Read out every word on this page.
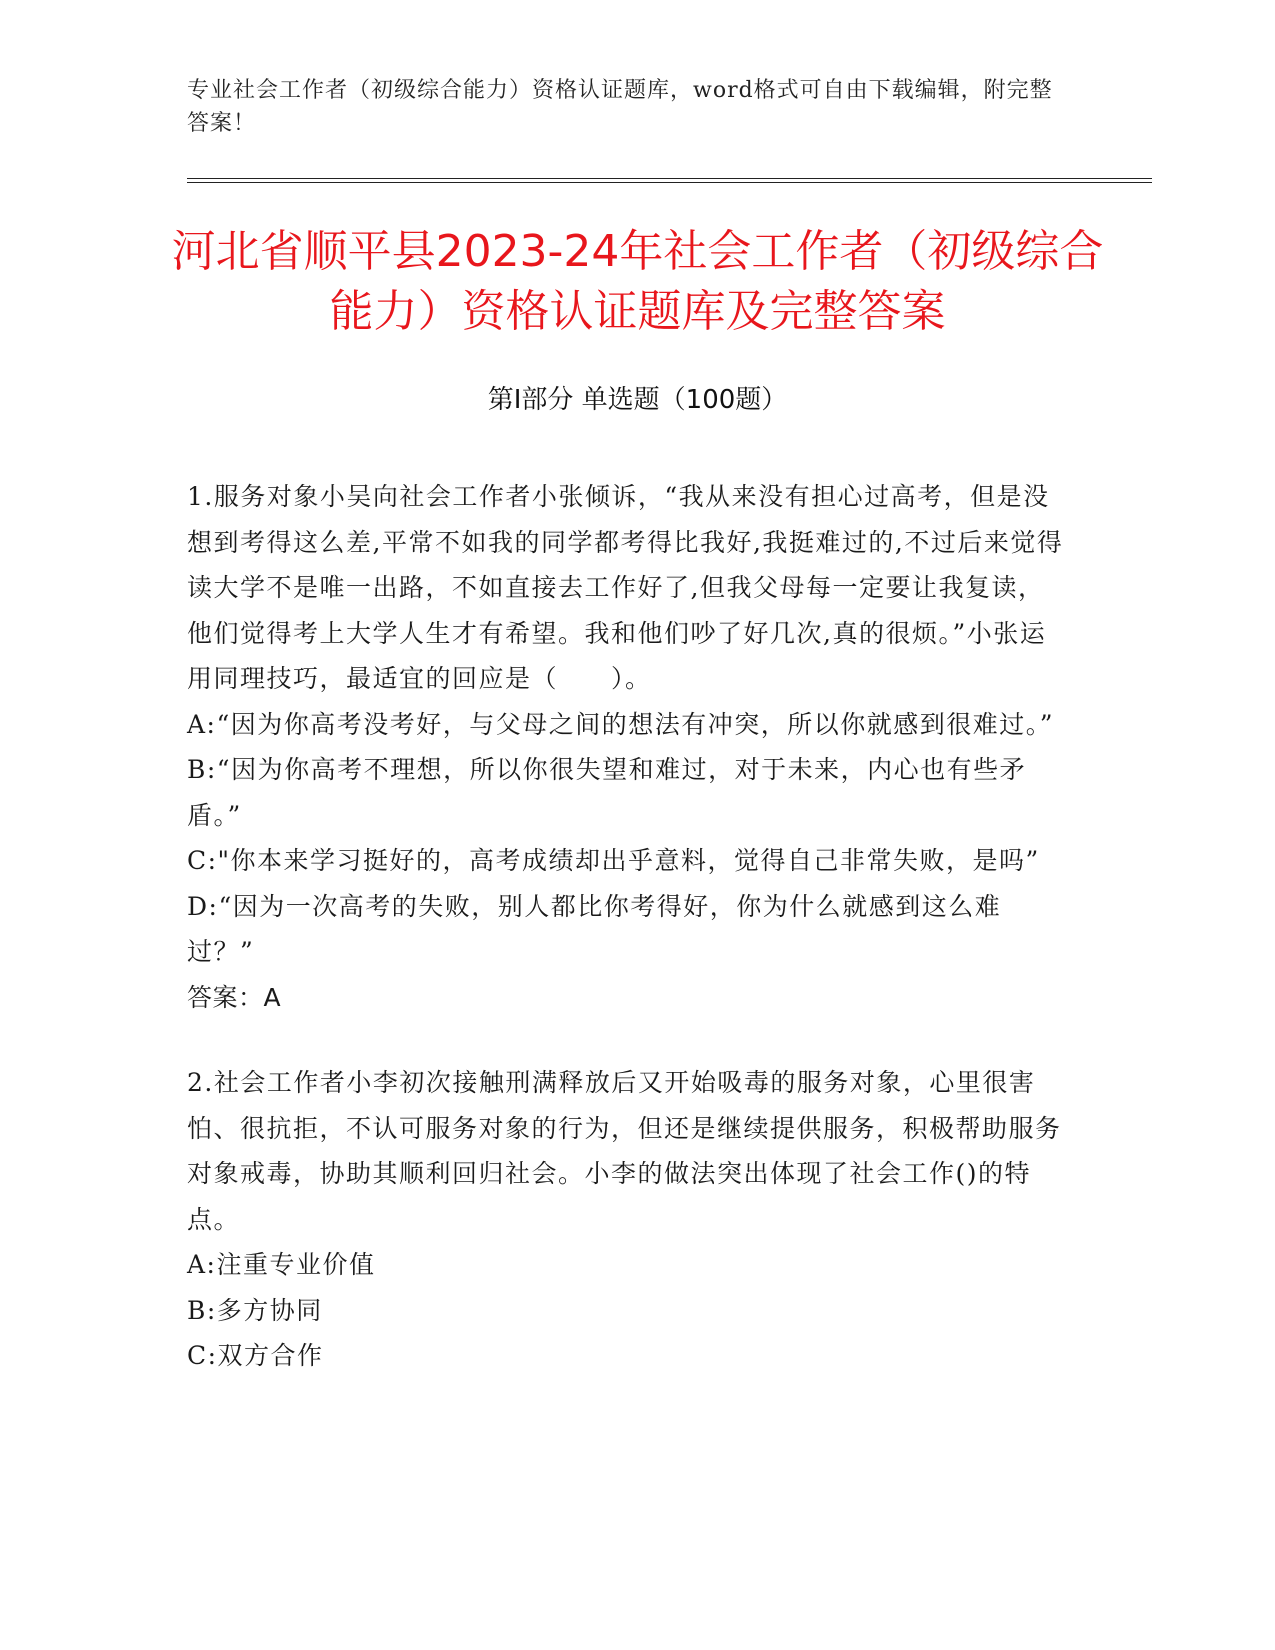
专业社会工作者（初级综合能力）资格认证题库，word格式可自由下载编辑，附完整答案！
河北省顺平县2023-24年社会工作者（初级综合能力）资格认证题库及完整答案
第Ⅰ部分 单选题（100题）

1.服务对象小吴向社会工作者小张倾诉，“我从来没有担心过高考，但是没想到考得这么差,平常不如我的同学都考得比我好,我挺难过的,不过后来觉得读大学不是唯一出路，不如直接去工作好了,但我父母每一定要让我复读，他们觉得考上大学人生才有希望。我和他们吵了好几次,真的很烦。”小张运用同理技巧，最适宜的回应是（　　）。

A:“因为你高考没考好，与父母之间的想法有冲突，所以你就感到很难过。”

B:“因为你高考不理想，所以你很失望和难过，对于未来，内心也有些矛盾。”

C:"你本来学习挺好的，高考成绩却出乎意料，觉得自己非常失败，是吗”

D:“因为一次高考的失败，别人都比你考得好，你为什么就感到这么难过？”

答案：A

2.社会工作者小李初次接触刑满释放后又开始吸毒的服务对象，心里很害怕、很抗拒，不认可服务对象的行为，但还是继续提供服务，积极帮助服务对象戒毒，协助其顺利回归社会。小李的做法突出体现了社会工作()的特点。

A:注重专业价值

B:多方协同

C:双方合作
